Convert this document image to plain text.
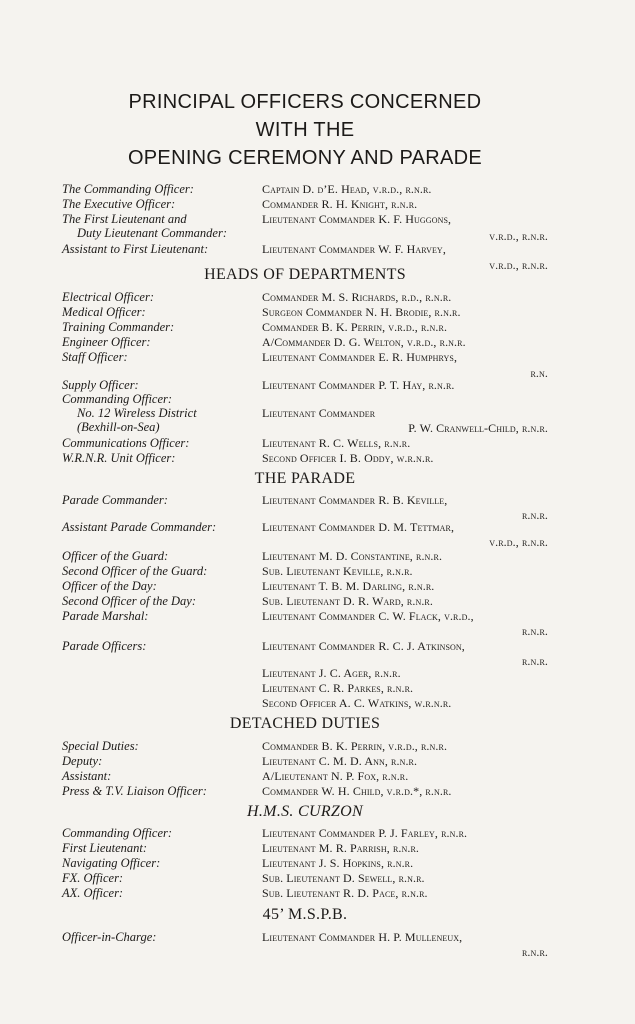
PRINCIPAL OFFICERS CONCERNED
WITH THE
OPENING CEREMONY AND PARADE
HEADS OF DEPARTMENTS
THE PARADE
DETACHED DUTIES
H.M.S. CURZON
45’ M.S.P.B.
The Commanding Officer:	Captain D. d’E. Head, v.r.d., r.n.r.
The Executive Officer:	Commander R. H. Knight, r.n.r.
The First Lieutenant and	Lieutenant Commander K. F. Huggons,
Duty Lieutenant Commander:	v.r.d., r.n.r.
Assistant to First Lieutenant:	Lieutenant Commander W. F. Harvey,
v.r.d., r.n.r.
Electrical Officer:	Commander M. S. Richards, r.d., r.n.r.
Medical Officer:	Surgeon Commander N. H. Brodie, r.n.r.
Training Commander:	Commander B. K. Perrin, v.r.d., r.n.r.
Engineer Officer:	A/Commander D. G. Welton, v.r.d., r.n.r.
Staff Officer:	Lieutenant Commander E. R. Humphrys,
r.n.
Supply Officer:	Lieutenant Commander P. T. Hay, r.n.r.
Commanding Officer:
No. 12 Wireless District	Lieutenant Commander
(Bexhill-on-Sea)	P. W. Cranwell-Child, r.n.r.
Communications Officer:	Lieutenant R. C. Wells, r.n.r.
W.R.N.R. Unit Officer:	Second Officer I. B. Oddy, w.r.n.r.
Parade Commander:	Lieutenant Commander R. B. Keville,
r.n.r.
Assistant Parade Commander:	Lieutenant Commander D. M. Tettmar,
v.r.d., r.n.r.
Officer of the Guard:	Lieutenant M. D. Constantine, r.n.r.
Second Officer of the Guard:	Sub. Lieutenant Keville, r.n.r.
Officer of the Day:	Lieutenant T. B. M. Darling, r.n.r.
Second Officer of the Day:	Sub. Lieutenant D. R. Ward, r.n.r.
Parade Marshal:	Lieutenant Commander C. W. Flack, v.r.d.,
r.n.r.
Parade Officers:	Lieutenant Commander R. C. J. Atkinson,
r.n.r.
Lieutenant J. C. Ager, r.n.r.
Lieutenant C. R. Parkes, r.n.r.
Second Officer A. C. Watkins, w.r.n.r.
Special Duties:	Commander B. K. Perrin, v.r.d., r.n.r.
Deputy:	Lieutenant C. M. D. Ann, r.n.r.
Assistant:	A/Lieutenant N. P. Fox, r.n.r.
Press & T.V. Liaison Officer:	Commander W. H. Child, v.r.d.*, r.n.r.
Commanding Officer:	Lieutenant Commander P. J. Farley, r.n.r.
First Lieutenant:	Lieutenant M. R. Parrish, r.n.r.
Navigating Officer:	Lieutenant J. S. Hopkins, r.n.r.
FX. Officer:	Sub. Lieutenant D. Sewell, r.n.r.
AX. Officer:	Sub. Lieutenant R. D. Pace, r.n.r.
Officer-in-Charge:	Lieutenant Commander H. P. Mulleneux,
r.n.r.
